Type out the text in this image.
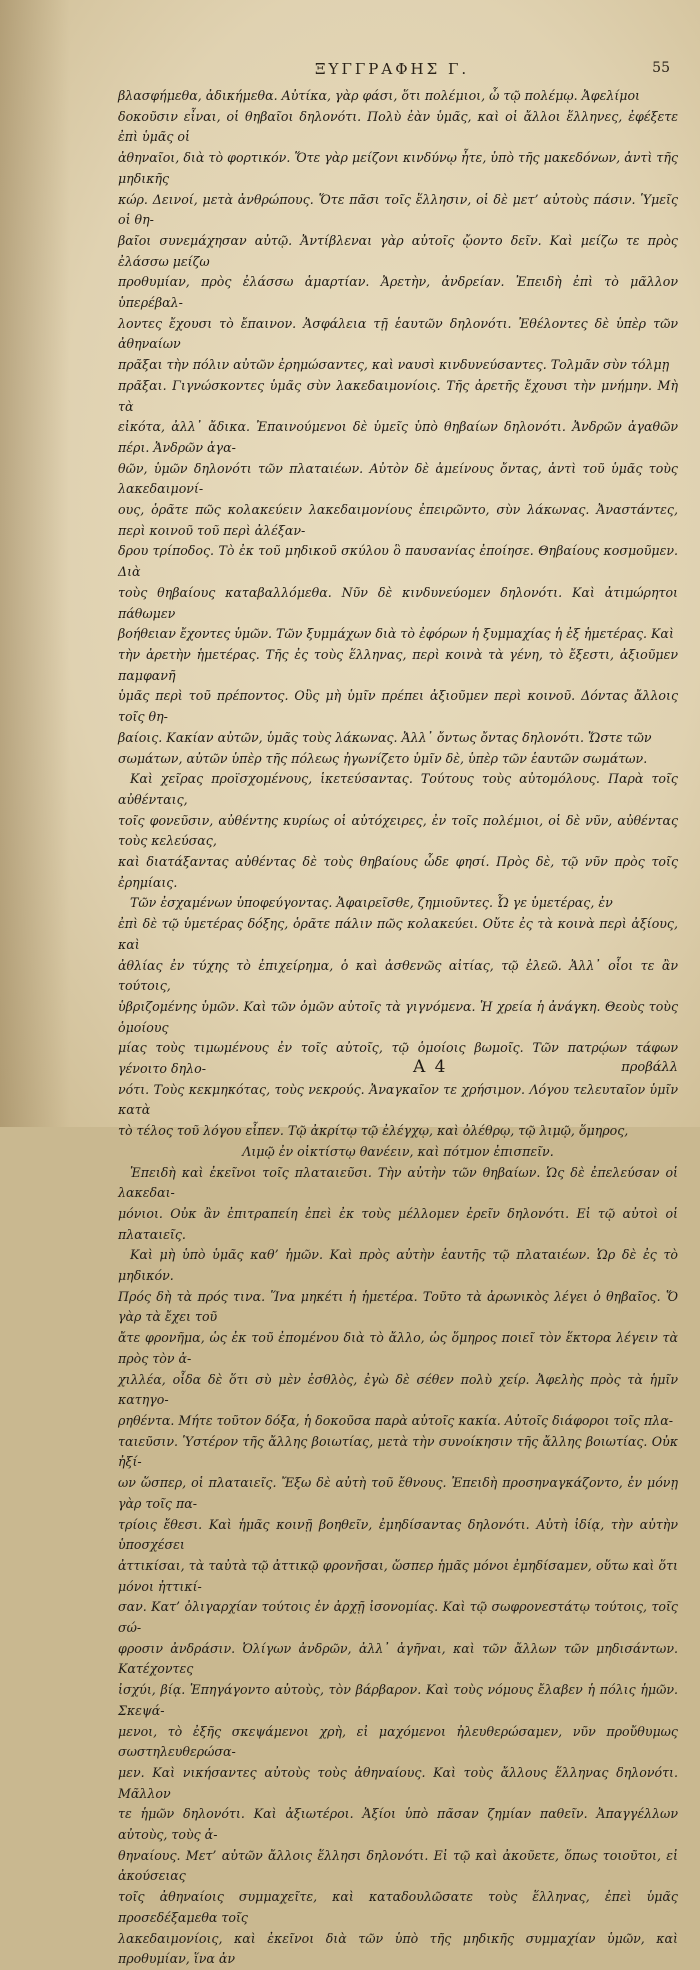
ΞΥΓΓΡΑΦΗΣ Γ.	55

βλασφήμεθα, ἀδικήμεθα. Αὐτίκα, γὰρ φάσι, ὅτι πολέμιοι, ὦ τῷ πολέμῳ. Ἀφελίμοι

δοκοῦσιν εἶναι, οἱ θηβαῖοι δηλονότι. Πολὺ ἐὰν ὑμᾶς, καὶ οἱ ἄλλοι ἕλληνες, ἐφέξετε ἐπὶ ὑμᾶς οἱ

ἀθηναῖοι, διὰ τὸ φορτικόν. Ὅτε γὰρ μείζονι κινδύνῳ ἦτε, ὑπὸ τῆς μακεδόνων, ἀντὶ τῆς μηδικῆς

κώρ. Δεινοί, μετὰ ἀνθρώπους. Ὅτε πᾶσι τοῖς ἕλλησιν, οἱ δὲ μετ’ αὐτοὺς πάσιν. Ὑμεῖς οἱ θη-

βαῖοι συνεμάχησαν αὐτῷ. Ἀντίβλεναι γὰρ αὐτοῖς ᾤοντο δεῖν. Καὶ μείζω τε πρὸς ἐλάσσω μείζω

προθυμίαν, πρὸς ἐλάσσω ἁμαρτίαν. Ἀρετὴν, ἀνδρείαν. Ἐπειδὴ ἐπὶ τὸ μᾶλλον ὑπερέβαλ-

λοντες ἔχουσι τὸ ἔπαινον. Ἀσφάλεια τῇ ἑαυτῶν δηλονότι. Ἐθέλοντες δὲ ὑπὲρ τῶν ἀθηναίων

πρᾶξαι τὴν πόλιν αὐτῶν ἐρημώσαντες, καὶ ναυσὶ κινδυνεύσαντες. Τολμᾶν σὺν τόλμῃ

πρᾶξαι. Γιγνώσκοντες ὑμᾶς σὺν λακεδαιμονίοις. Τῆς ἀρετῆς ἔχουσι τὴν μνήμην. Μὴ τὰ

εἰκότα, ἀλλ᾽ ἄδικα. Ἐπαινούμενοι δὲ ὑμεῖς ὑπὸ θηβαίων δηλονότι. Ἀνδρῶν ἀγαθῶν πέρι. Ἀνδρῶν ἀγα-

θῶν, ὑμῶν δηλονότι τῶν πλαταιέων. Αὐτὸν δὲ ἀμείνους ὄντας, ἀντὶ τοῦ ὑμᾶς τοὺς λακεδαιμονί-

ους, ὁρᾶτε πῶς κολακεύειν λακεδαιμονίους ἐπειρῶντο, σὺν λάκωνας. Ἀναστάντες, περὶ κοινοῦ τοῦ περὶ ἀλέξαν-

δρου τρίποδος. Τὸ ἐκ τοῦ μηδικοῦ σκύλου ὃ παυσανίας ἐποίησε. Θηβαίους κοσμοῦμεν. Διὰ

τοὺς θηβαίους καταβαλλόμεθα. Νῦν δὲ κινδυνεύομεν δηλονότι. Καὶ ἀτιμώρητοι πάθωμεν

βοήθειαν ἔχοντες ὑμῶν. Τῶν ξυμμάχων διὰ τὸ ἐφόρων ἡ ξυμμαχίας ἡ ἐξ ἡμετέρας. Καὶ

τὴν ἀρετὴν ἡμετέρας. Τῆς ἐς τοὺς ἕλληνας, περὶ κοινὰ τὰ γένη, τὸ ἔξεστι, ἀξιοῦμεν παμφανῆ

ὑμᾶς περὶ τοῦ πρέποντος. Οὓς μὴ ὑμῖν πρέπει ἀξιοῦμεν περὶ κοινοῦ. Δόντας ἄλλοις τοῖς θη-

βαίοις. Κακίαν αὐτῶν, ὑμᾶς τοὺς λάκωνας. Ἀλλ᾽ ὄντως ὄντας δηλονότι. Ὥστε τῶν

σωμάτων, αὐτῶν ὑπὲρ τῆς πόλεως ἠγωνίζετο ὑμῖν δὲ, ὑπὲρ τῶν ἑαυτῶν σωμάτων.

Καὶ χεῖρας προϊσχομένους, ἱκετεύσαντας. Τούτους τοὺς αὐτομόλους. Παρὰ τοῖς αὐθένταις,

τοῖς φονεῦσιν, αὐθέντης κυρίως οἱ αὐτόχειρες, ἐν τοῖς πολέμιοι, οἱ δὲ νῦν, αὐθέντας τοὺς κελεύσας,

καὶ διατάξαντας αὐθέντας δὲ τοὺς θηβαίους ὧδε φησί. Πρὸς δὲ, τῷ νῦν πρὸς τοῖς ἐρημίαις.

Τῶν ἐσχαμένων ὑποφεύγοντας. Ἀφαιρεῖσθε, ζημιοῦντες. Ὦ γε ὑμετέρας, ἐν

ἐπὶ δὲ τῷ ὑμετέρας δόξης, ὁρᾶτε πάλιν πῶς κολακεύει. Οὔτε ἐς τὰ κοινὰ περὶ ἀξίους, καὶ

ἀθλίας ἐν τύχης τὸ ἐπιχείρημα, ὁ καὶ ἀσθενῶς αἰτίας, τῷ ἐλεῶ. Ἀλλ᾽ οἷοι τε ἂν τούτοις,

ὑβριζομένης ὑμῶν. Καὶ τῶν ὁμῶν αὐτοῖς τὰ γιγνόμενα. Ἡ χρεία ἡ ἀνάγκη. Θεοὺς τοὺς ὁμοίους

μίας τοὺς τιμωμένους ἐν τοῖς αὐτοῖς, τῷ ὁμοίοις βωμοῖς. Τῶν πατρῴων τάφων γένοιτο δηλο-

νότι. Τοὺς κεκμηκότας, τοὺς νεκρούς. Ἀναγκαῖον τε χρήσιμον. Λόγου τελευταῖον ὑμῖν κατὰ

τὸ τέλος τοῦ λόγου εἶπεν. Τῷ ἀκρίτῳ τῷ ἐλέγχῳ, καὶ ὀλέθρῳ, τῷ λιμῷ, ὅμηρος,

Λιμῷ ἐν οἰκτίστῳ θανέειν, καὶ πότμον ἐπισπεῖν.

Ἐπειδὴ καὶ ἐκεῖνοι τοῖς πλαταιεῦσι. Τὴν αὐτὴν τῶν θηβαίων. Ὡς δὲ ἐπελεύσαν οἱ λακεδαι-

μόνιοι. Οὐκ ἂν ἐπιτραπείη ἐπεὶ ἐκ τοὺς μέλλομεν ἐρεῖν δηλονότι. Εἰ τῷ αὐτοὶ οἱ πλαταιεῖς.

Καὶ μὴ ὑπὸ ὑμᾶς καθ’ ἡμῶν. Καὶ πρὸς αὐτὴν ἑαυτῆς τῷ πλαταιέων. Ὡρ δὲ ἐς τὸ μηδικόν.

Πρός δὴ τὰ πρός τινα. Ἵνα μηκέτι ἡ ἡμετέρα. Τοῦτο τὰ ἀρωνικὸς λέγει ὁ θηβαῖος. Ὅ γὰρ τὰ ἔχει τοῦ

ἄτε φρονῆμα, ὡς ἐκ τοῦ ἐπομένου διὰ τὸ ἄλλο, ὡς ὅμηρος ποιεῖ τὸν ἕκτορα λέγειν τὰ πρὸς τὸν ἀ-

χιλλέα, οἶδα δὲ ὅτι σὺ μὲν ἐσθλὸς, ἐγὼ δὲ σέθεν πολὺ χείρ. Ἀφελὴς πρὸς τὰ ἡμῖν κατηγο-

ρηθέντα. Μήτε τοῦτον δόξα, ἡ δοκοῦσα παρὰ αὐτοῖς κακία. Αὐτοῖς διάφοροι τοῖς πλα-

ταιεῦσιν. Ὑστέρον τῆς ἄλλης βοιωτίας, μετὰ τὴν συνοίκησιν τῆς ἄλλης βοιωτίας. Οὐκ ἠξί-

ων ὥσπερ, οἱ πλαταιεῖς. Ἔξω δὲ αὐτὴ τοῦ ἔθνους. Ἐπειδὴ προσηναγκάζοντο, ἐν μόνῃ γὰρ τοῖς πα-

τρίοις ἔθεσι. Καὶ ἡμᾶς κοινῇ βοηθεῖν, ἐμηδίσαντας δηλονότι. Αὐτὴ ἰδίᾳ, τὴν αὐτὴν ὑποσχέσει

ἀττικίσαι, τὰ ταὐτὰ τῷ ἀττικῷ φρονῆσαι, ὥσπερ ἡμᾶς μόνοι ἐμηδίσαμεν, οὕτω καὶ ὅτι μόνοι ἠττικί-

σαν. Κατ’ ὀλιγαρχίαν τούτοις ἐν ἀρχῇ ἰσονομίας. Καὶ τῷ σωφρονεστάτῳ τούτοις, τοῖς σώ-

φροσιν ἀνδράσιν. Ὀλίγων ἀνδρῶν, ἀλλ᾽ ἀγῆναι, καὶ τῶν ἄλλων τῶν μηδισάντων. Κατέχοντες

ἰσχύι, βίᾳ. Ἐπηγάγοντο αὐτοὺς, τὸν βάρβαρον. Καὶ τοὺς νόμους ἔλαβεν ἡ πόλις ἡμῶν. Σκεψά-

μενοι, τὸ ἐξῆς σκεψάμενοι χρὴ, εἰ μαχόμενοι ἠλευθερώσαμεν, νῦν προὔθυμως σωστηλευθερώσα-

μεν. Καὶ νικήσαντες αὐτοὺς τοὺς ἀθηναίους. Καὶ τοὺς ἄλλους ἕλληνας δηλονότι. Μᾶλλον

τε ἡμῶν δηλονότι. Καὶ ἀξιωτέροι. Ἀξίοι ὑπὸ πᾶσαν ζημίαν παθεῖν. Ἀπαγγέλλων αὐτοὺς, τοὺς ἀ-

θηναίους. Μετ’ αὐτῶν ἄλλοις ἕλλησι δηλονότι. Εἰ τῷ καὶ ἀκοῦετε, ὅπως τοιοῦτοι, εἰ ἀκούσειας

τοῖς ἀθηναίοις συμμαχεῖτε, καὶ καταδουλῶσατε τοὺς ἕλληνας, ἐπεὶ ὑμᾶς προσεδέξαμεθα τοῖς

λακεδαιμονίοις, καὶ ἐκεῖνοι διὰ τῶν ὑπὸ τῆς μηδικῆς συμμαχίαν ὑμῶν, καὶ προθυμίαν, ἵνα ἀν

A 4	προβάλλ
